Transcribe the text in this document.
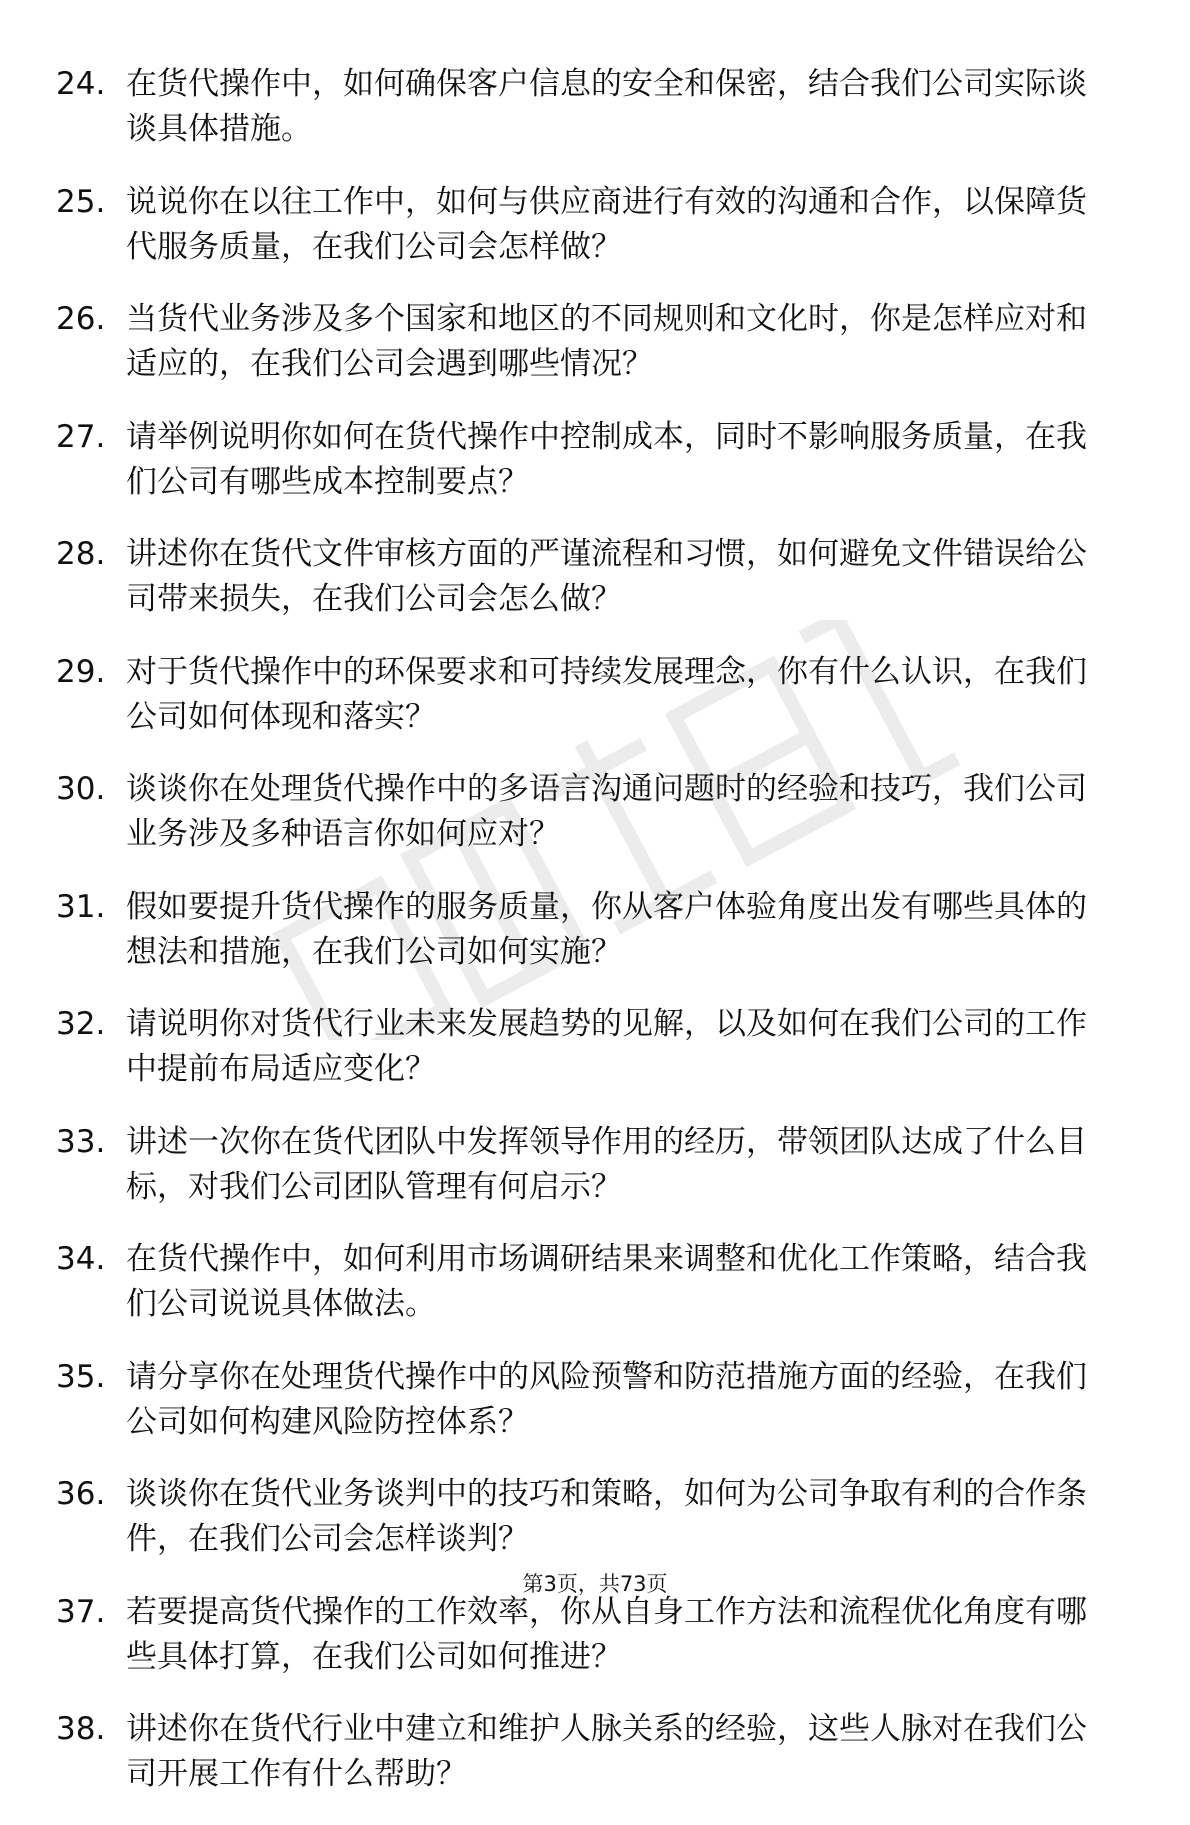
24. 在货代操作中，如何确保客户信息的安全和保密，结合我们公司实际谈谈具体措施。
25. 说说你在以往工作中，如何与供应商进行有效的沟通和合作，以保障货代服务质量，在我们公司会怎样做？
26. 当货代业务涉及多个国家和地区的不同规则和文化时，你是怎样应对和适应的，在我们公司会遇到哪些情况？
27. 请举例说明你如何在货代操作中控制成本，同时不影响服务质量，在我们公司有哪些成本控制要点？
28. 讲述你在货代文件审核方面的严谨流程和习惯，如何避免文件错误给公司带来损失，在我们公司会怎么做？
29. 对于货代操作中的环保要求和可持续发展理念，你有什么认识，在我们公司如何体现和落实？
30. 谈谈你在处理货代操作中的多语言沟通问题时的经验和技巧，我们公司业务涉及多种语言你如何应对？
31. 假如要提升货代操作的服务质量，你从客户体验角度出发有哪些具体的想法和措施，在我们公司如何实施？
32. 请说明你对货代行业未来发展趋势的见解，以及如何在我们公司的工作中提前布局适应变化？
33. 讲述一次你在货代团队中发挥领导作用的经历，带领团队达成了什么目标，对我们公司团队管理有何启示？
34. 在货代操作中，如何利用市场调研结果来调整和优化工作策略，结合我们公司说说具体做法。
35. 请分享你在处理货代操作中的风险预警和防范措施方面的经验，在我们公司如何构建风险防控体系？
36. 谈谈你在货代业务谈判中的技巧和策略，如何为公司争取有利的合作条件，在我们公司会怎样谈判？
37. 若要提高货代操作的工作效率，你从自身工作方法和流程优化角度有哪些具体打算，在我们公司如何推进？
38. 讲述你在货代行业中建立和维护人脉关系的经验，这些人脉对在我们公司开展工作有什么帮助？
第3页，共73页
